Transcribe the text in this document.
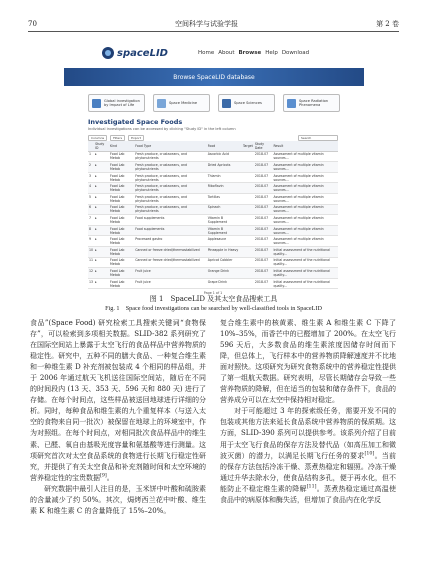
70	空间科学与试验学报	第 2 卷
spaceLID	Home About Browse Help Download
Browse SpaceLID database
Global investigation by Impact of Life	Space Medicine	Space Sciences	Space Radiation Phenomena
Investigated Space Foods
Individual investigations can be accessed by clicking "Study ID" in the left column
Columns	Filters	Export	Search
	Study ID	Kind	Food Type	Food	Target	Study Date	Result
1	▸	Food Lab Metab	Fresh produce, crustaceans, and phytonutrients	Ascorbic Acid		2018-07	Assessment of multiple vitamin sources...
2	▸	Food Lab Metab	Fresh produce, crustaceans, and phytonutrients	Dried Apricots		2018-07	Assessment of multiple vitamin sources...
3	▸	Food Lab Metab	Fresh produce, crustaceans, and phytonutrients	Thiamin		2018-07	Assessment of multiple vitamin sources...
4	▸	Food Lab Metab	Fresh produce, crustaceans, and phytonutrients	Riboflavin		2018-07	Assessment of multiple vitamin sources...
5	▸	Food Lab Metab	Fresh produce, crustaceans, and phytonutrients	Tortillas		2018-07	Assessment of multiple vitamin sources...
6	▸	Food Lab Metab	Fresh produce, crustaceans, and phytonutrients	Spinach		2018-07	Assessment of multiple vitamin sources...
7	▸	Food Lab Metab	Food supplements	Vitamin B Supplement		2018-07	Assessment of multiple vitamin sources...
8	▸	Food Lab Metab	Food supplements	Vitamin B Supplement		2018-07	Assessment of multiple vitamin sources...
9	▸	Food Lab Metab	Processed gastro	Applesauce		2018-07	Assessment of multiple vitamin sources...
10	▸	Food Lab Metab	Canned or freeze dried/thermostabilized	Pineapple in Heavy		2018-07	Initial assessment of the nutritional quality...
11	▸	Food Lab Metab	Canned or freeze dried/thermostabilized	Apricot Cobbler		2018-07	Initial assessment of the nutritional quality...
12	▸	Food Lab Metab	Fruit juice	Orange Drink		2018-07	Initial assessment of the nutritional quality...
13	▸	Food Lab Metab	Fruit juice	Grape Drink		2018-07	Initial assessment of the nutritional quality...
Page 1 of 1
图 1　SpaceLID 及其太空食品搜索工具
Fig. 1　Space food investigations can be searched by well-classified tools in SpaceLID

食品”(Space Food) 研究检索工具搜索关键词“食物保存”，可以检索到多项相关数据。SLID-382 系列研究了在国际空间站上暴露于太空飞行的食品样品中营养物质的稳定性。研究中，五种不同的膳大食品、一种复合维生素和一种维生素 D 补充剂被包装成 4 个相同的样品组，并于 2006 年通过航天飞机送往国际空间站，随后在不同的时间段内 (13 天、353 天、596 天和 880 天) 进行了存储。在每个时间点，这些样品被送回地球进行详细的分析。同时，每种食品和维生素的九个重复样本（与送入太空的食物来自同一批次）被保留在地球上的环境室中，作为对照组。在每个时间点，对相同批次食品样品中的维生素、已醛、氧自由基吸光度容量和氨基酸等进行测量。这项研究首次对太空食品系统的食物进行长期飞行稳定性研究，并提供了有关太空食品和补充剂随时间和太空环境的营养稳定性的宝贵数据[9]。

研究数据中最引人注目的是，玉米饼中叶酸和硫胺素的含量减少了约 50%。其次，焗烤西兰花中叶酸、维生素 K 和维生素 C 的含量降低了 15%–20%。

复合维生素中的核黄素、维生素 A 和维生素 C 下降了 10%–35%，而香芒中的已醛增加了 200%。在太空飞行 596 天后，大多数食品的维生素浓度因储存时间而下降，但总体上，飞行样本中的营养物质降解速度并不比地面对照快。这项研究为研究食物系统中的营养稳定性提供了第一组航天数据。研究表明，尽管长期储存会导致一些营养物质的降解，但在适当的包装和储存条件下，食品的营养成分可以在太空中保持相对稳定。

对于可能超过 3 年的探索级任务，需要开发不同的包装或其他方法来延长食品系统中营养物质的保质期。这方面，SLID-390 系列可以提供参考。该系列介绍了目前用于太空飞行食品的保存方法及替代品（如高压加工和微波灭菌）的潜力，以满足长期飞行任务的要求[10]。当前的保存方法包括冷冻干燥、蒸煮热稳定和辐照。冷冻干燥通过升华去除水分，使食品结构多孔，便于再水化，但不能防止不稳定维生素的降解[11]。蒸煮热稳定通过高温使食品中的病原体和酶失活，但增加了食品内在化学反
